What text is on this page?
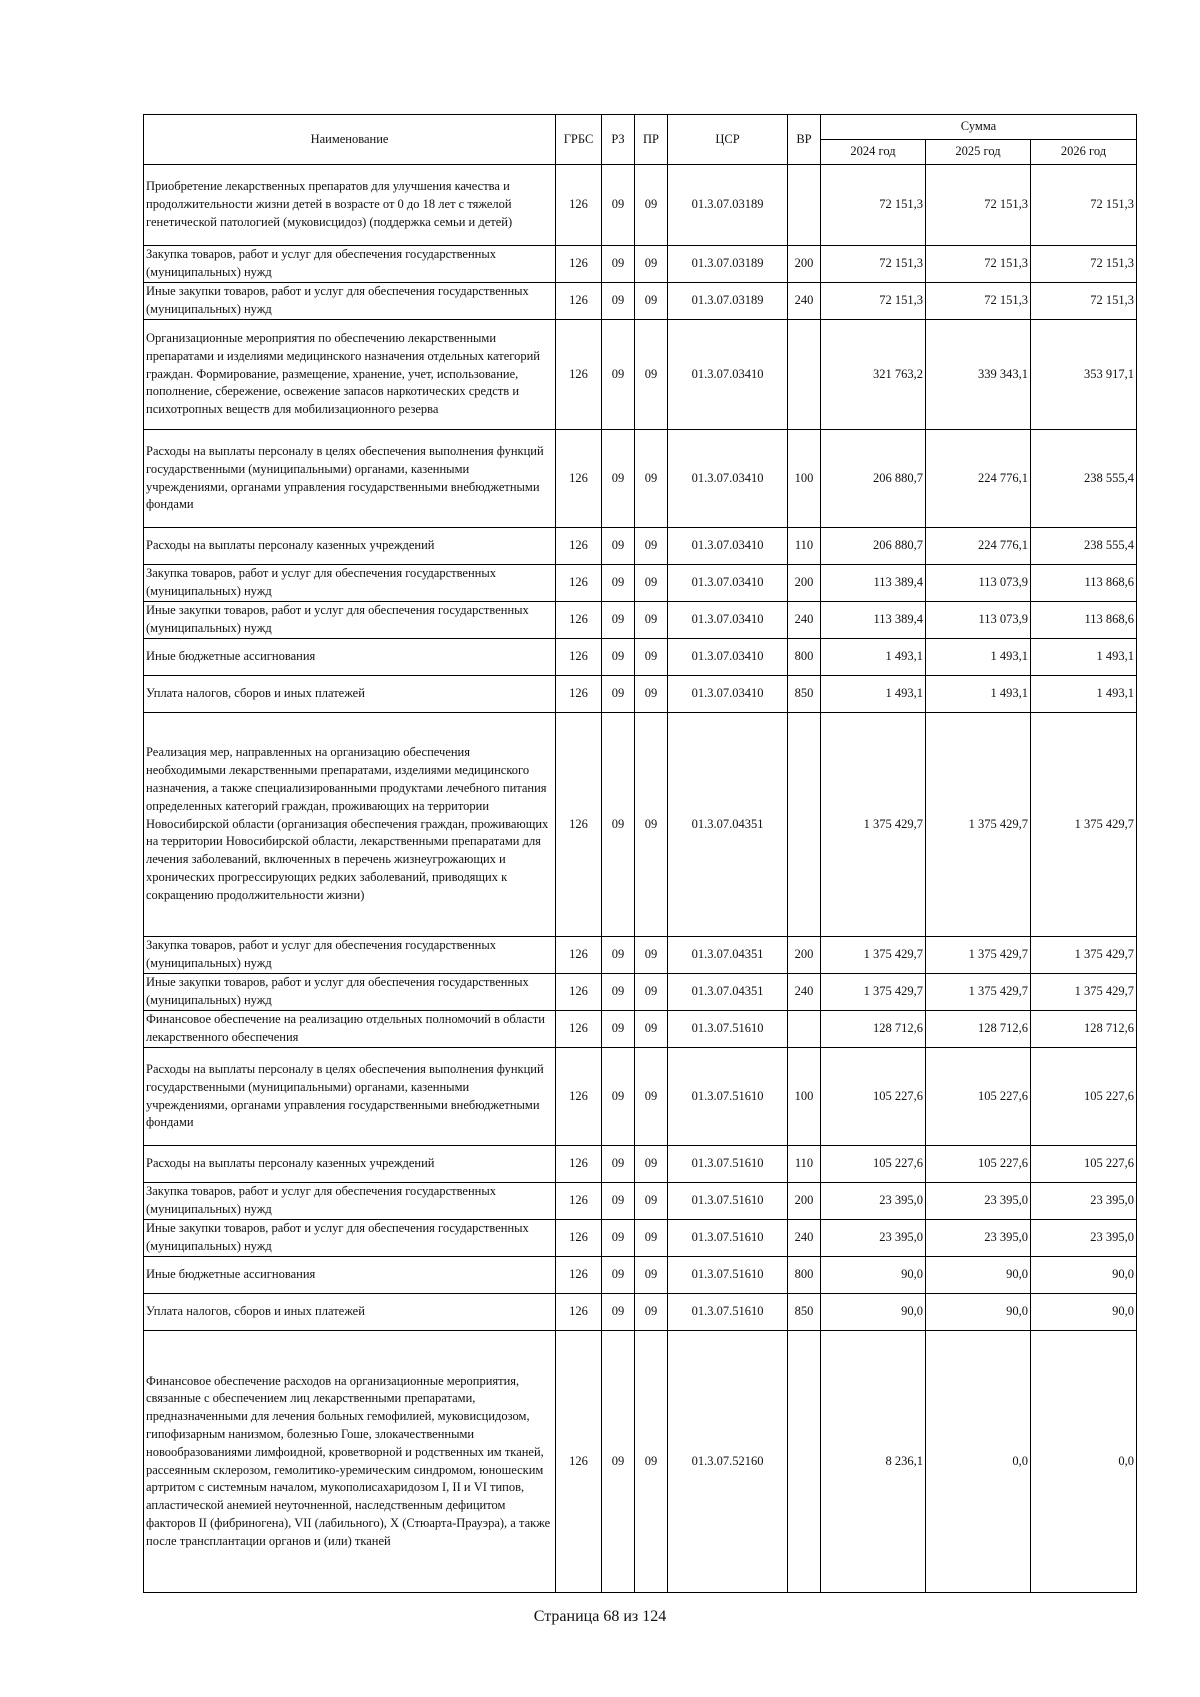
Наименование	ГРБС	РЗ	ПР	ЦСР	ВР	Сумма		
						2024 год	2025 год	2026 год
Приобретение лекарственных препаратов для улучшения качества и продолжительности жизни детей в возрасте от 0 до 18 лет с тяжелой генетической патологией (муковисцидоз) (поддержка семьи и детей)	126	09	09	01.3.07.03189		72 151,3	72 151,3	72 151,3
Закупка товаров, работ и услуг для обеспечения государственных (муниципальных) нужд	126	09	09	01.3.07.03189	200	72 151,3	72 151,3	72 151,3
Иные закупки товаров, работ и услуг для обеспечения государственных (муниципальных) нужд	126	09	09	01.3.07.03189	240	72 151,3	72 151,3	72 151,3
Организационные мероприятия по обеспечению лекарственными препаратами и изделиями медицинского назначения отдельных категорий граждан. Формирование, размещение, хранение, учет, использование, пополнение, сбережение, освежение запасов наркотических средств и психотропных веществ для мобилизационного резерва	126	09	09	01.3.07.03410		321 763,2	339 343,1	353 917,1
Расходы на выплаты персоналу в целях обеспечения выполнения функций государственными (муниципальными) органами, казенными учреждениями, органами управления государственными внебюджетными фондами	126	09	09	01.3.07.03410	100	206 880,7	224 776,1	238 555,4
Расходы на выплаты персоналу казенных учреждений	126	09	09	01.3.07.03410	110	206 880,7	224 776,1	238 555,4
Закупка товаров, работ и услуг для обеспечения государственных (муниципальных) нужд	126	09	09	01.3.07.03410	200	113 389,4	113 073,9	113 868,6
Иные закупки товаров, работ и услуг для обеспечения государственных (муниципальных) нужд	126	09	09	01.3.07.03410	240	113 389,4	113 073,9	113 868,6
Иные бюджетные ассигнования	126	09	09	01.3.07.03410	800	1 493,1	1 493,1	1 493,1
Уплата налогов, сборов и иных платежей	126	09	09	01.3.07.03410	850	1 493,1	1 493,1	1 493,1
Реализация мер, направленных на организацию обеспечения необходимыми лекарственными препаратами, изделиями медицинского назначения, а также специализированными продуктами лечебного питания определенных категорий граждан, проживающих на территории Новосибирской области (организация обеспечения граждан, проживающих на территории Новосибирской области, лекарственными препаратами для лечения заболеваний, включенных в перечень жизнеугрожающих и хронических прогрессирующих редких заболеваний, приводящих к сокращению продолжительности жизни)	126	09	09	01.3.07.04351		1 375 429,7	1 375 429,7	1 375 429,7
Закупка товаров, работ и услуг для обеспечения государственных (муниципальных) нужд	126	09	09	01.3.07.04351	200	1 375 429,7	1 375 429,7	1 375 429,7
Иные закупки товаров, работ и услуг для обеспечения государственных (муниципальных) нужд	126	09	09	01.3.07.04351	240	1 375 429,7	1 375 429,7	1 375 429,7
Финансовое обеспечение на реализацию отдельных полномочий в области лекарственного обеспечения	126	09	09	01.3.07.51610		128 712,6	128 712,6	128 712,6
Расходы на выплаты персоналу в целях обеспечения выполнения функций государственными (муниципальными) органами, казенными учреждениями, органами управления государственными внебюджетными фондами	126	09	09	01.3.07.51610	100	105 227,6	105 227,6	105 227,6
Расходы на выплаты персоналу казенных учреждений	126	09	09	01.3.07.51610	110	105 227,6	105 227,6	105 227,6
Закупка товаров, работ и услуг для обеспечения государственных (муниципальных) нужд	126	09	09	01.3.07.51610	200	23 395,0	23 395,0	23 395,0
Иные закупки товаров, работ и услуг для обеспечения государственных (муниципальных) нужд	126	09	09	01.3.07.51610	240	23 395,0	23 395,0	23 395,0
Иные бюджетные ассигнования	126	09	09	01.3.07.51610	800	90,0	90,0	90,0
Уплата налогов, сборов и иных платежей	126	09	09	01.3.07.51610	850	90,0	90,0	90,0
Финансовое обеспечение расходов на организационные мероприятия, связанные с обеспечением лиц лекарственными препаратами, предназначенными для лечения больных гемофилией, муковисцидозом, гипофизарным нанизмом, болезнью Гоше, злокачественными новообразованиями лимфоидной, кроветворной и родственных им тканей, рассеянным склерозом, гемолитико-уремическим синдромом, юношеским артритом с системным началом, мукополисахаридозом I, II и VI типов, апластической анемией неуточненной, наследственным дефицитом факторов II (фибриногена), VII (лабильного), X (Стюарта-Прауэра), а также после трансплантации органов и (или) тканей	126	09	09	01.3.07.52160		8 236,1	0,0	0,0
Страница 68 из 124
